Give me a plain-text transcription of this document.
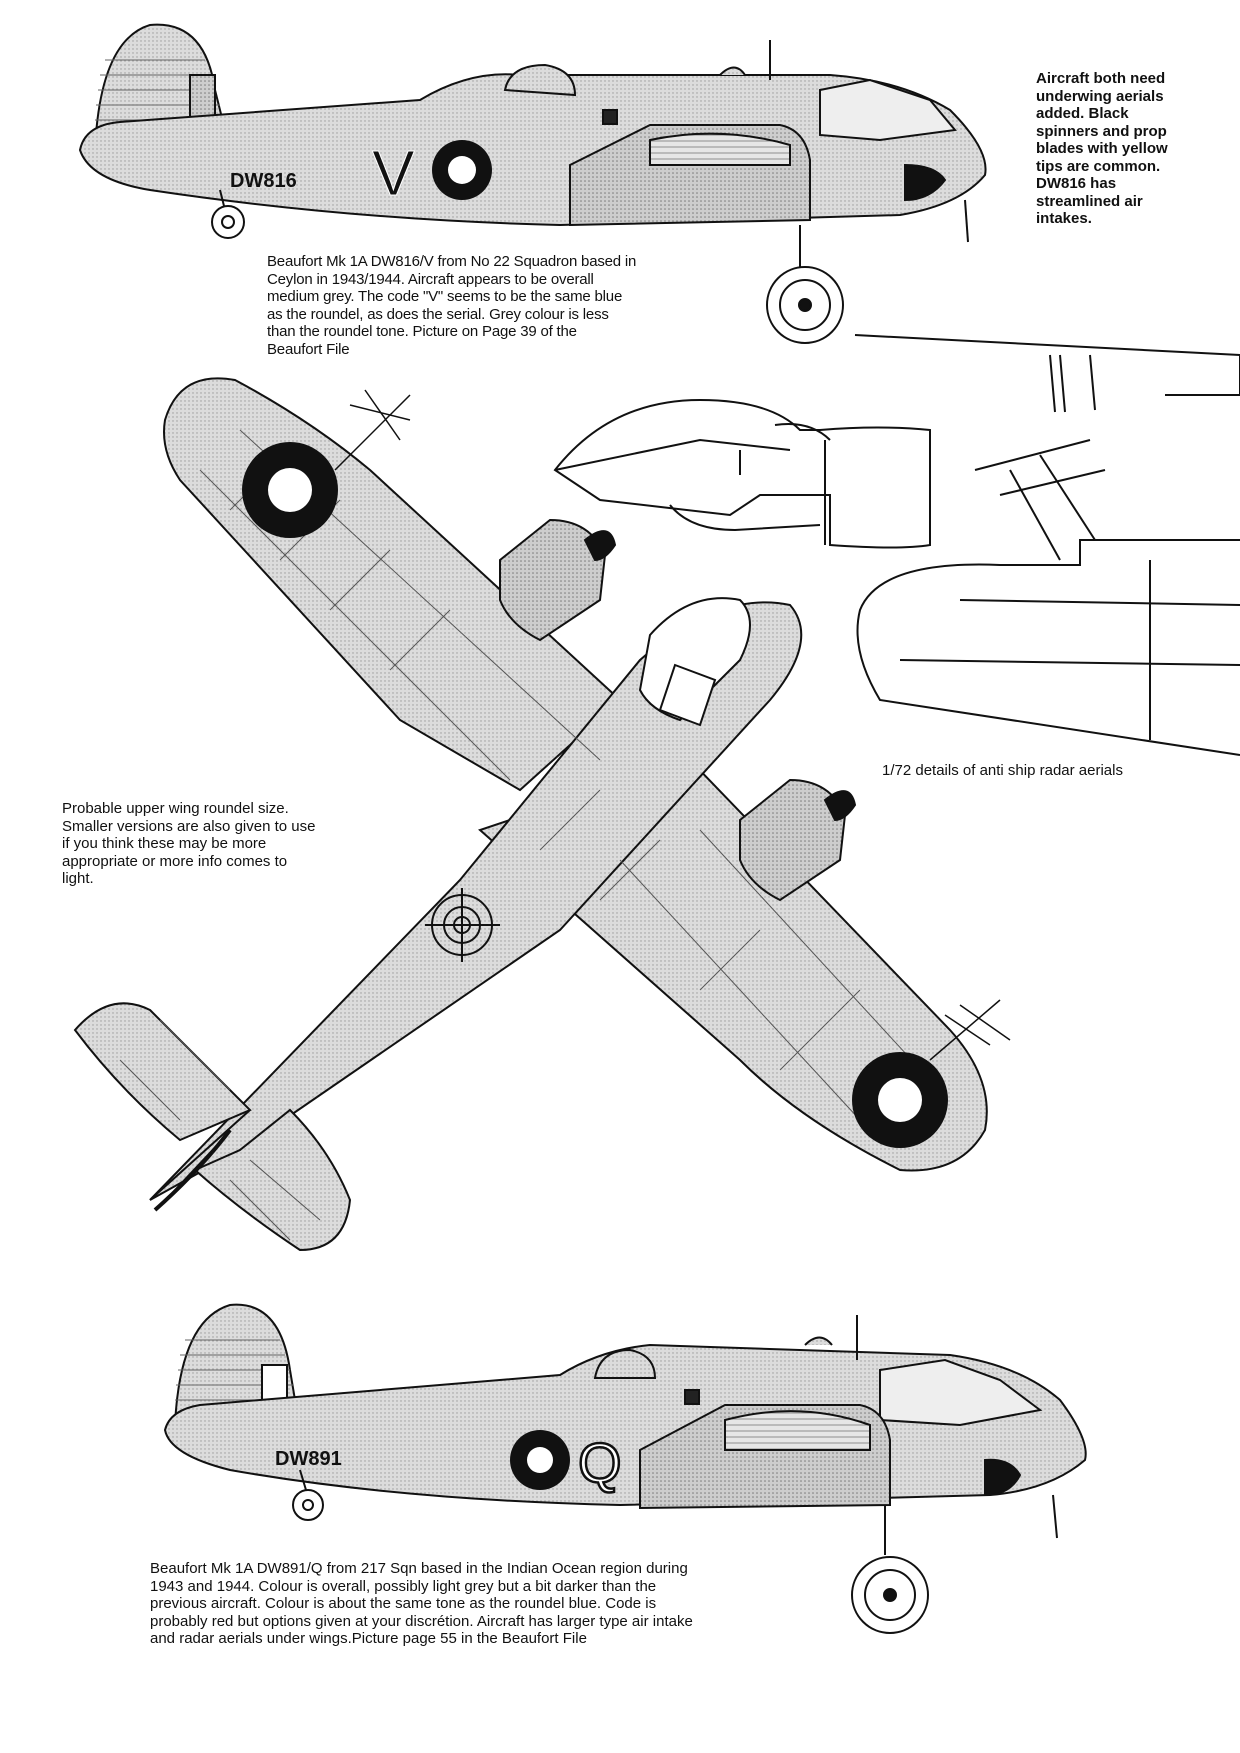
V
DW816
Q
DW891
Aircraft both need
underwing aerials
added. Black
spinners and prop
blades with yellow
tips are common.
DW816 has
streamlined air
intakes.
Beaufort Mk 1A DW816/V from No 22 Squadron based in
Ceylon in 1943/1944. Aircraft appears to be overall
medium grey. The code "V" seems to be the same blue
as the roundel, as does the serial. Grey colour is less
than the roundel tone. Picture on Page 39 of the
Beaufort File
1/72 details of anti ship radar aerials
Probable upper wing roundel size.
Smaller versions are also given to use
if you think these may be more
appropriate or more info comes to
light.
Beaufort Mk 1A DW891/Q from 217 Sqn based in the Indian Ocean region during
1943 and 1944. Colour is overall, possibly light grey but a bit darker than the
previous aircraft. Colour is about the same tone as the roundel blue. Code is
probably red but options given at your discrétion. Aircraft has larger type air intake
and radar aerials under wings.Picture page 55 in the Beaufort File
